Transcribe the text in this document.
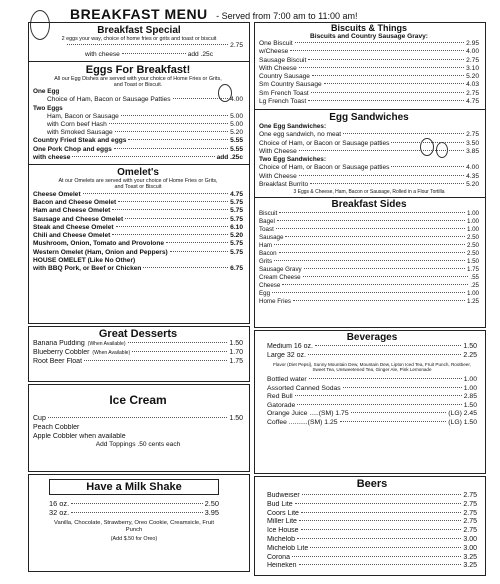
BREAKFAST MENU - Served from 7:00 am to 11:00 am!
Breakfast Special
2 eggs your way, choice of home fries or grits and toast or biscuit
2.75
with cheese	add .25c
Eggs For Breakfast!
All our Egg Dishes are served with your choice of Home Fries or Grits, and Toast or Biscuit.
One Egg
Choice of Ham, Bacon or Sausage Patties	4.00
Two Eggs
Ham, Bacon or Sausage	5.00
with Corn beef Hash	5.00
with Smoked Sausage	5.20
Country Fried Steak and eggs	5.55
One Pork Chop and eggs	5.55
with cheese	add .25c
Omelet's
At our Omelets are served with your choice of Home Fries or Grits, and Toast or Biscuit
Cheese Omelet	4.75
Bacon and Cheese Omelet	5.75
Ham and Cheese Omelet	5.75
Sausage and Cheese Omelet	5.75
Steak and Cheese Omelet	6.10
Chili and Cheese Omelet	5.20
Mushroom, Onion, Tomato and Provolone	5.75
Western Omelet (Ham, Onion and Peppers)	5.75
HOUSE OMELET (Like No Other)
with BBQ Pork, or Beef or Chicken	6.75
Great Desserts
Banana Pudding (When Available)	1.50
Blueberry Cobbler (When Available)	1.70
Root Beer Float	1.75
Ice Cream
Cup	1.50
Peach Cobbler
Apple Cobbler when available
Add Toppings .50 cents each
Have a Milk Shake
16 oz.	2.50
32 oz.	3.95
Vanilla, Chocolate, Strawberry, Oreo Cookie, Creamsicle, Fruit Punch
(Add $.50 for Oreo)
Biscuits & Things
Biscuits and Country Sausage Gravy:
One Biscuit	2.95
w/Cheese	4.00
Sausage Biscuit	2.75
With Cheese	3.10
Country Sausage	5.20
Sm Country Sausage	4.03
Sm French Toast	2.75
Lg French Toast	4.75
Egg Sandwiches
One Egg Sandwiches:
One egg sandwich, no meat	2.75
Choice of Ham, or Bacon or Sausage patties	3.50
With Cheese	3.85
Two Egg Sandwiches:
Choice of Ham, or Bacon or Sausage patties	4.00
With Cheese	4.35
Breakfast Burrito	5.20
3 Eggs & Cheese, Ham, Bacon or Sausage, Rolled in a Flour Tortilla
Breakfast Sides
Biscuit	1.00
Bagel	1.00
Toast	1.00
Sausage	2.50
Ham	2.50
Bacon	2.50
Grits	1.50
Sausage Gravy	1.75
Cream Cheese	.55
Cheese	.25
Egg	1.00
Home Fries	1.25
Beverages
Medium 16 oz.	1.50
Large 32 oz.	2.25
Flavor (Diet Pepsi), Sunny Mountain Dew, Mountain Dew, Lipton Iced Tea, Fruit Punch, Rootbeer, Sweet Tea, Unsweetened Tea, Ginger Ale, Pink Lemonade
Bottled water	1.00
Assorted Canned Sodas	1.00
Red Bull	2.85
Gatorade	1.50
Orange Juice .....(SM) 1.75	(LG) 2.45
Coffee ..........(SM) 1.25	(LG) 1.50
Beers
Budweiser	2.75
Bud Lite	2.75
Coors Lite	2.75
Miller Lite	2.75
Ice House	2.75
Michelob	3.00
Michelob Lite	3.00
Corona	3.25
Heineken	3.25
